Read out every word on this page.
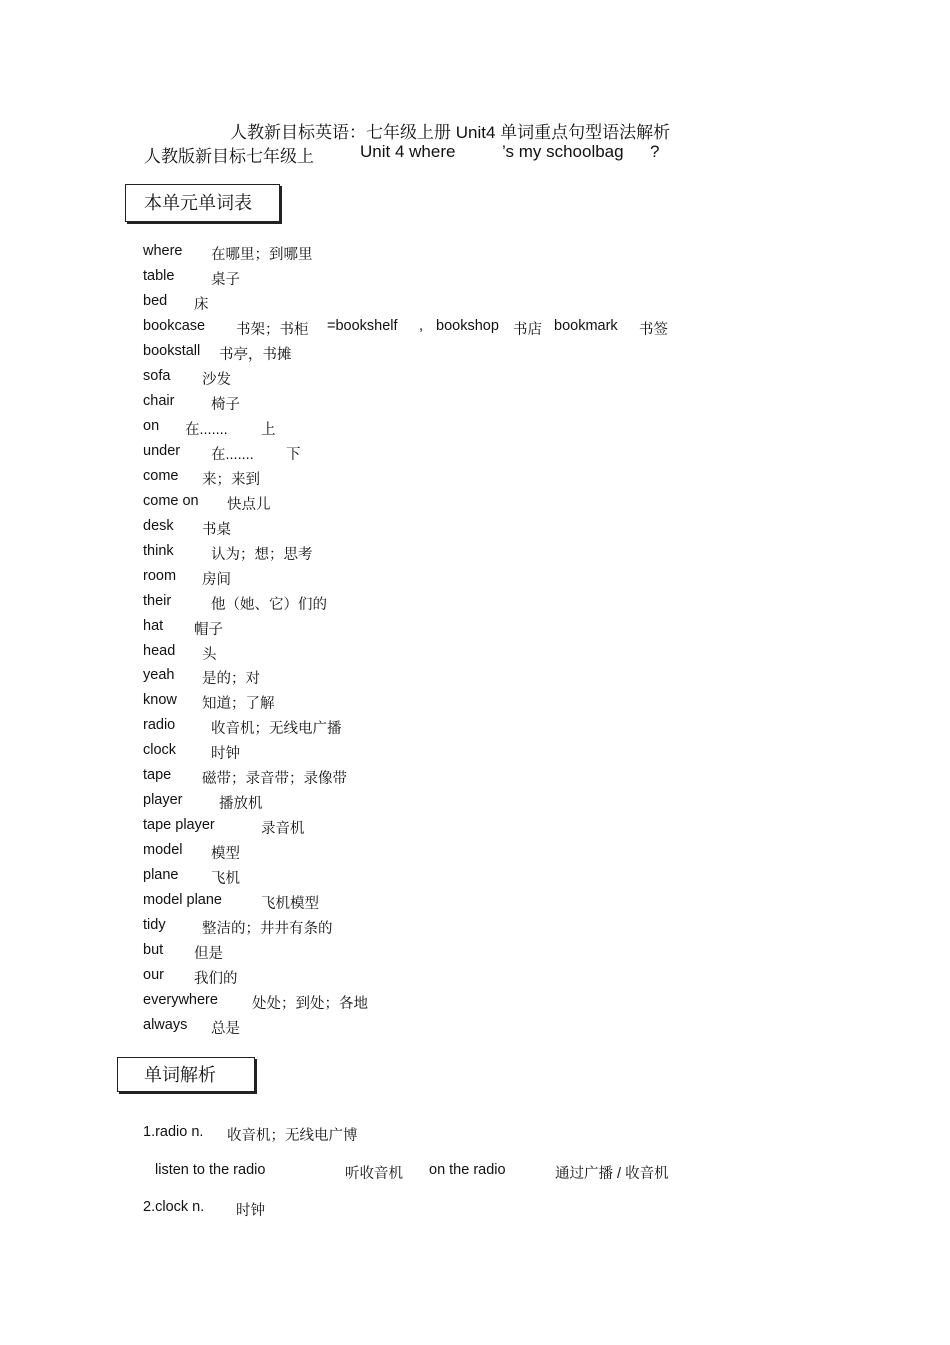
人教新目标英语：七年级上册 Unit4 单词重点句型语法解析
人教版新目标七年级上	Unit 4 where	’s my schoolbag ?
本单元单词表
where 在哪里；到哪里
table	桌子
bed 床
bookcase 书架；书柜 =bookshelf , bookshop 书店 bookmark 书签
bookstall 书亭，书摊
sofa 沙发
chair	椅子
on 在....... 上
under 在....... 下
come 来；来到
come on 快点儿
desk 书桌
think	认为；想；思考
room 房间
their	他（她、它）们的
hat 帽子
head 头
yeah 是的；对
know 知道；了解
radio 收音机；无线电广播
clock 时钟
tape 磁带；录音带；录像带
player	播放机
tape player	录音机
model 模型
plane 飞机
model plane	飞机模型
tidy	整洁的；井井有条的
but 但是
our 我们的
everywhere 处处；到处；各地
always 总是
单词解析
1.radio n. 收音机；无线电广博
listen to the radio	听收音机 on the radio	通过广播 / 收音机
2.clock n. 时钟
